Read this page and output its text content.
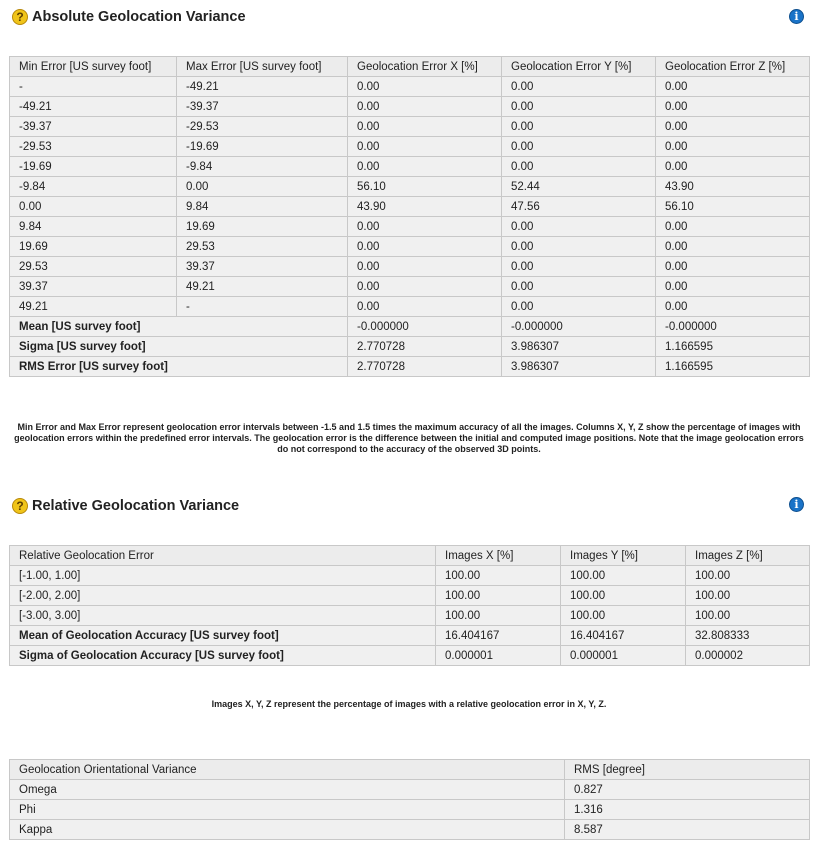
? Absolute Geolocation Variance	i
Min Error [US survey foot]	Max Error [US survey foot]	Geolocation Error X [%]	Geolocation Error Y [%]	Geolocation Error Z [%]
-	-49.21	0.00	0.00	0.00
-49.21	-39.37	0.00	0.00	0.00
-39.37	-29.53	0.00	0.00	0.00
-29.53	-19.69	0.00	0.00	0.00
-19.69	-9.84	0.00	0.00	0.00
-9.84	0.00	56.10	52.44	43.90
0.00	9.84	43.90	47.56	56.10
9.84	19.69	0.00	0.00	0.00
19.69	29.53	0.00	0.00	0.00
29.53	39.37	0.00	0.00	0.00
39.37	49.21	0.00	0.00	0.00
49.21	-	0.00	0.00	0.00
Mean [US survey foot]		-0.000000	-0.000000	-0.000000
Sigma [US survey foot]		2.770728	3.986307	1.166595
RMS Error [US survey foot]		2.770728	3.986307	1.166595
Min Error and Max Error represent geolocation error intervals between -1.5 and 1.5 times the maximum accuracy of all the images. Columns X, Y, Z show the percentage of images with geolocation errors within the predefined error intervals. The geolocation error is the difference between the initial and computed image positions. Note that the image geolocation errors do not correspond to the accuracy of the observed 3D points.
? Relative Geolocation Variance	i
Relative Geolocation Error	Images X [%]	Images Y [%]	Images Z [%]
[-1.00, 1.00]	100.00	100.00	100.00
[-2.00, 2.00]	100.00	100.00	100.00
[-3.00, 3.00]	100.00	100.00	100.00
Mean of Geolocation Accuracy [US survey foot]	16.404167	16.404167	32.808333
Sigma of Geolocation Accuracy [US survey foot]	0.000001	0.000001	0.000002
Images X, Y, Z represent the percentage of images with a relative geolocation error in X, Y, Z.
Geolocation Orientational Variance	RMS [degree]
Omega	0.827
Phi	1.316
Kappa	8.587
